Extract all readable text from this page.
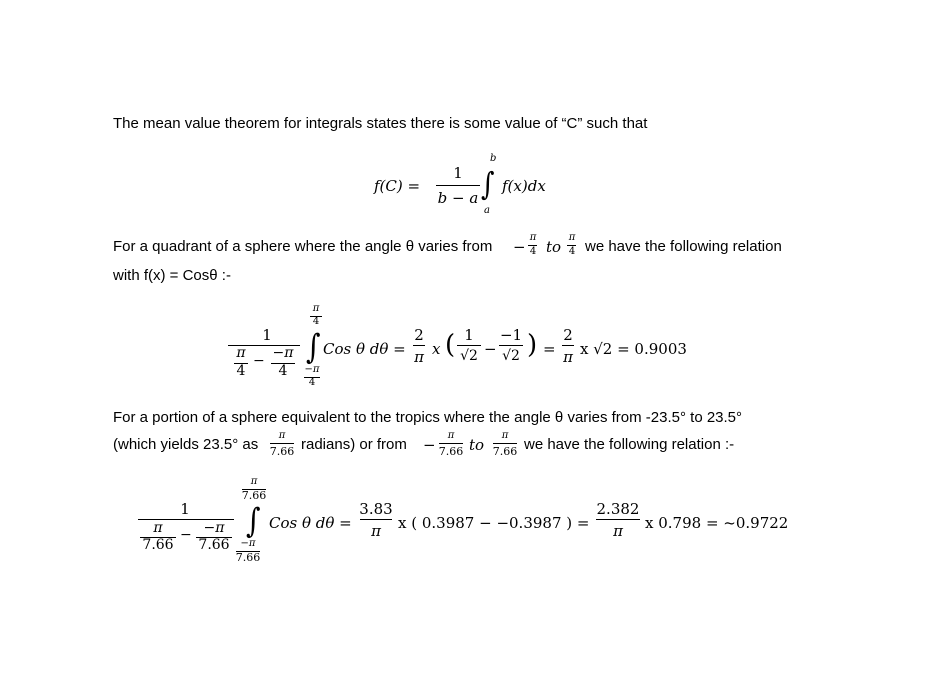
The mean value theorem for integrals states there is some value of “C” such that
f(C) =
1
b − a
b
∫
a
f(x)dx
For a quadrant of a sphere where the angle θ varies from −
π
4 to
π
4 we have the following relation
with f(x) = Cosθ :-
1
π
4
− −π
4
π
4
∫
−π
4
Cos θ dθ =
2
π x ( 1
√2 −
−1
√2 ) =
2
π x √2 = 0.9003
For a portion of a sphere equivalent to the tropics where the angle θ varies from -23.5° to 23.5°
(which yields 23.5° as
π
7.66 radians) or from −
π
7.66 to
π
7.66 we have the following relation :-
1
π
7.66
− −π
7.66
π
7.66
∫
−π
7.66
Cos θ dθ =
3.83
π	x ( 0.3987 − −0.3987 ) =
2.382
π	x 0.798 = ~0.9722
